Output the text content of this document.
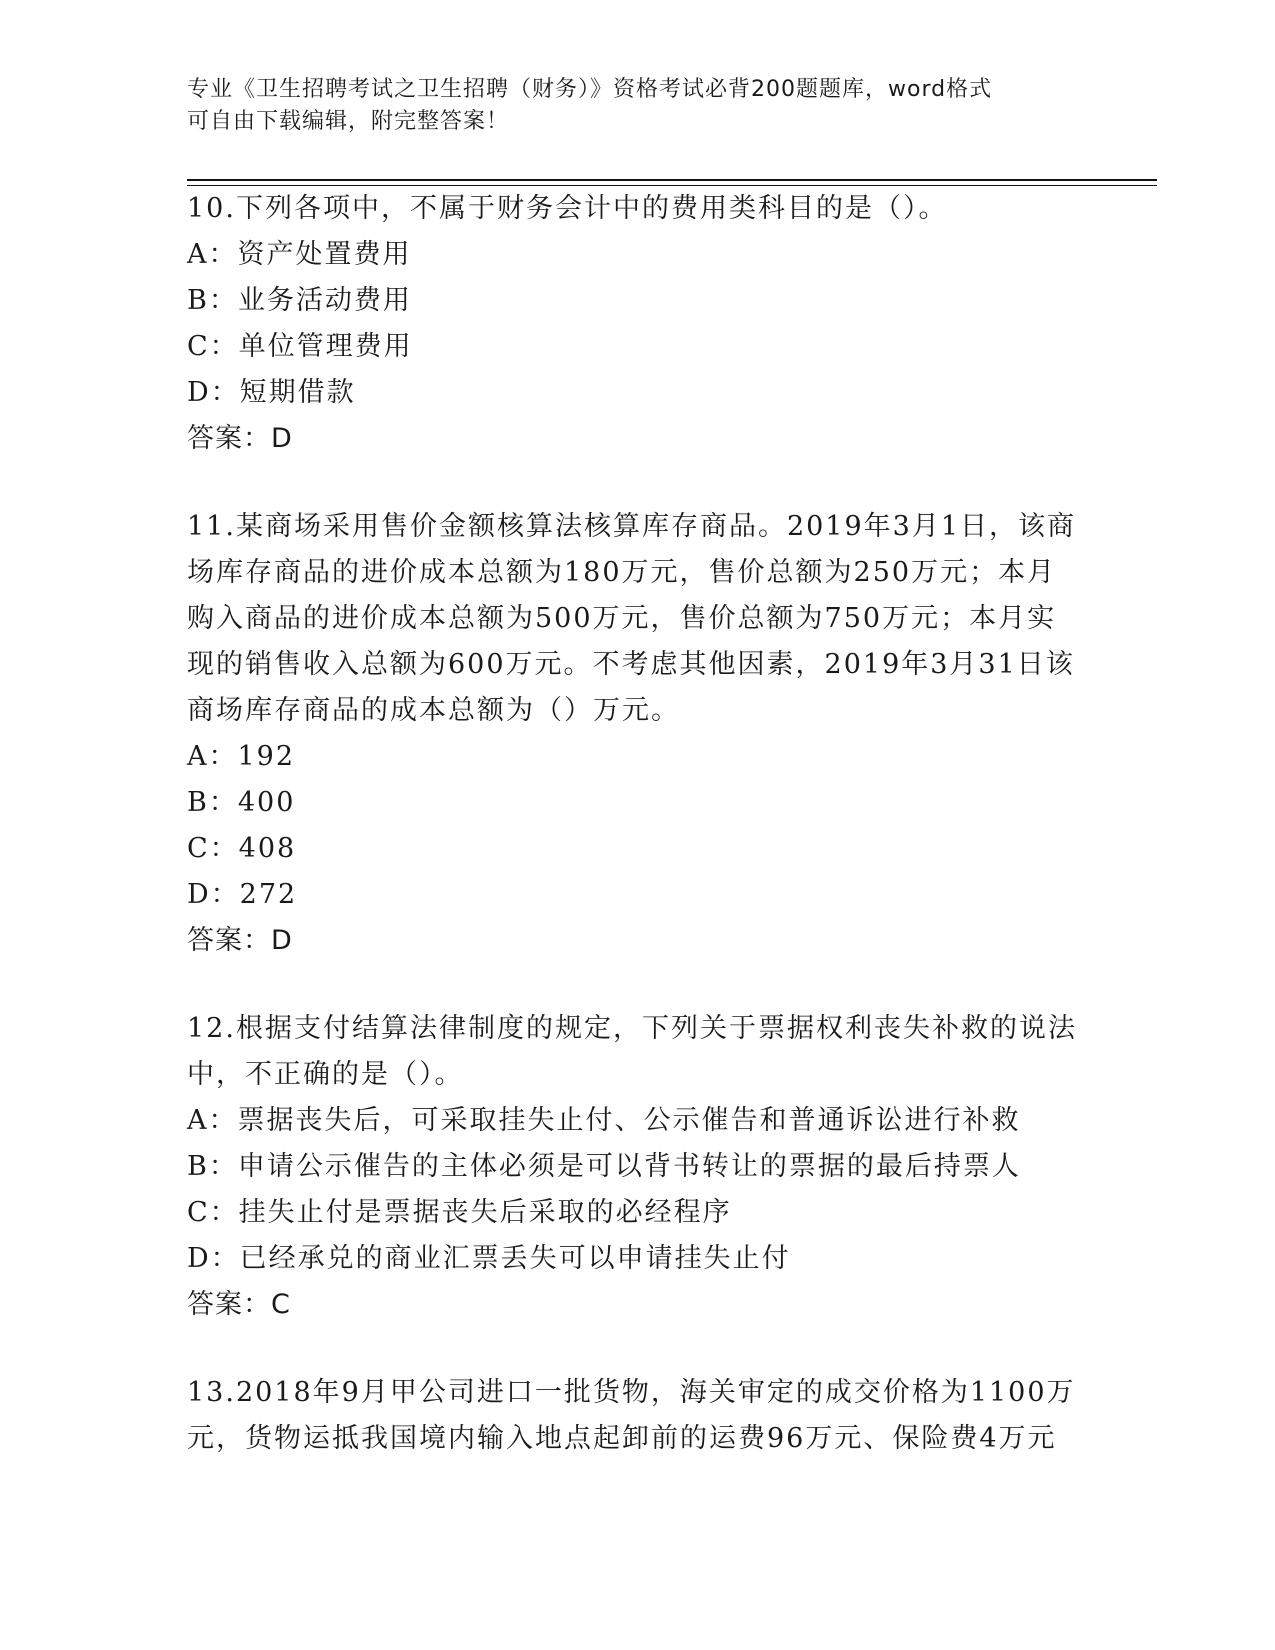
专业《卫生招聘考试之卫生招聘（财务）》资格考试必背200题题库，word格式
可自由下载编辑，附完整答案！
10.下列各项中，不属于财务会计中的费用类科目的是（）。
A：资产处置费用
B：业务活动费用
C：单位管理费用
D：短期借款
答案：D
11.某商场采用售价金额核算法核算库存商品。2019年3月1日，该商
场库存商品的进价成本总额为180万元，售价总额为250万元；本月
购入商品的进价成本总额为500万元，售价总额为750万元；本月实
现的销售收入总额为600万元。不考虑其他因素，2019年3月31日该
商场库存商品的成本总额为（）万元。
A：192
B：400
C：408
D：272
答案：D
12.根据支付结算法律制度的规定，下列关于票据权利丧失补救的说法
中，不正确的是（）。
A：票据丧失后，可采取挂失止付、公示催告和普通诉讼进行补救
B：申请公示催告的主体必须是可以背书转让的票据的最后持票人
C：挂失止付是票据丧失后采取的必经程序
D：已经承兑的商业汇票丢失可以申请挂失止付
答案：C
13.2018年9月甲公司进口一批货物，海关审定的成交价格为1100万
元，货物运抵我国境内输入地点起卸前的运费96万元、保险费4万元
